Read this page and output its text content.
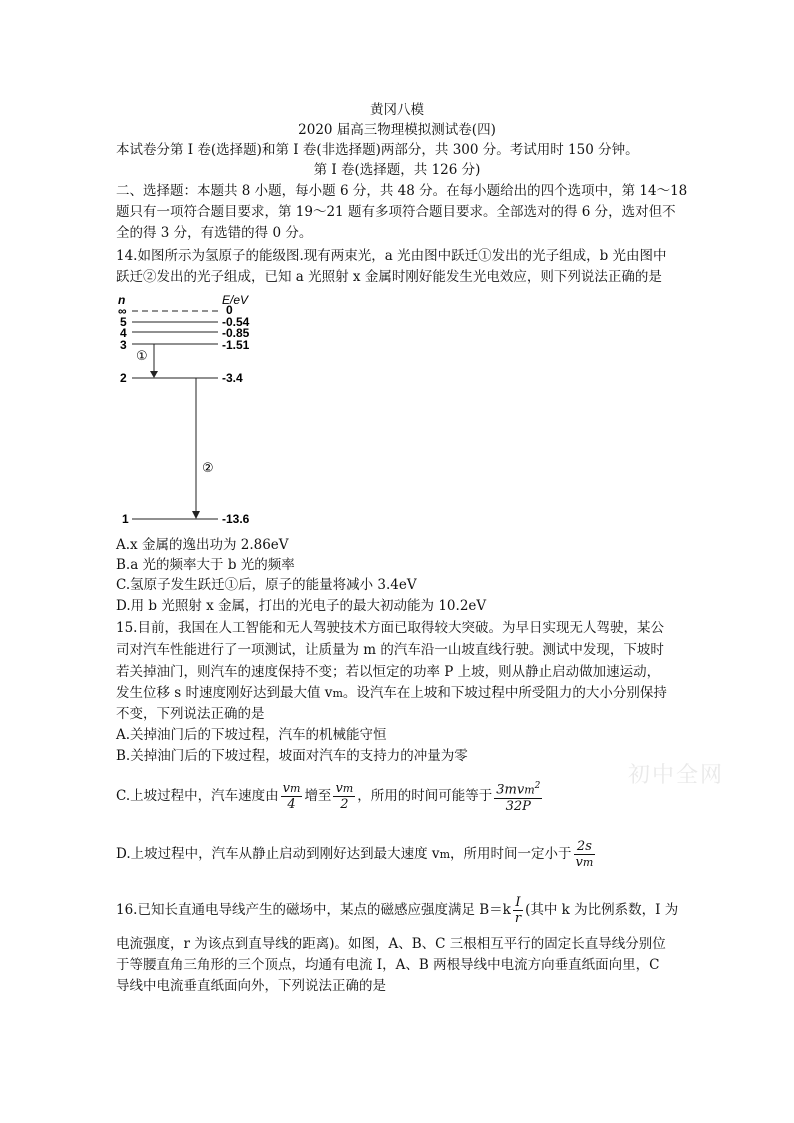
黄冈八模
2020 届高三物理模拟测试卷(四)
本试卷分第 I 卷(选择题)和第 I 卷(非选择题)两部分，共 300 分。考试用时 150 分钟。
第 I 卷(选择题，共 126 分)
二、选择题：本题共 8 小题，每小题 6 分，共 48 分。在每小题给出的四个选项中，第 14～18
题只有一项符合题目要求，第 19～21 题有多项符合题目要求。全部选对的得 6 分，选对但不
全的得 3 分，有选错的得 0 分。
14.如图所示为氢原子的能级图.现有两束光，a 光由图中跃迁①发出的光子组成，b 光由图中
跃迁②发出的光子组成，已知 a 光照射 x 金属时刚好能发生光电效应，则下列说法正确的是
n	E/eV
∞	0
5	-0.54
4	-0.85
3	-1.51
①
2	-3.4
②
1	-13.6
A.x 金属的逸出功为 2.86eV
B.a 光的频率大于 b 光的频率
C.氢原子发生跃迁①后，原子的能量将减小 3.4eV
D.用 b 光照射 x 金属，打出的光电子的最大初动能为 10.2eV
15.目前，我国在人工智能和无人驾驶技术方面已取得较大突破。为早日实现无人驾驶，某公
司对汽车性能进行了一项测试，让质量为 m 的汽车沿一山坡直线行驶。测试中发现，下坡时
若关掉油门，则汽车的速度保持不变；若以恒定的功率 P 上坡，则从静止启动做加速运动，
发生位移 s 时速度刚好达到最大值 vm。设汽车在上坡和下坡过程中所受阻力的大小分别保持
不变，下列说法正确的是
A.关掉油门后的下坡过程，汽车的机械能守恒
B.关掉油门后的下坡过程，坡面对汽车的支持力的冲量为零
C.上坡过程中，汽车速度由 $\frac{vm}{4}$ 增至 $\frac{vm}{2}$ ，所用的时间可能等于 $\frac{3mvm^2}{32P}$
D.上坡过程中，汽车从静止启动到刚好达到最大速度 vm，所用时间一定小于 $\frac{2s}{vm}$
16.已知长直通电导线产生的磁场中，某点的磁感应强度满足 $B=k \frac{I}{r}$ (其中 k 为比例系数，I 为
电流强度，r 为该点到直导线的距离)。如图，A、B、C 三根相互平行的固定长直导线分别位
于等腰直角三角形的三个顶点，均通有电流 I，A、B 两根导线中电流方向垂直纸面向里，C
导线中电流垂直纸面向外，下列说法正确的是
初中全网
